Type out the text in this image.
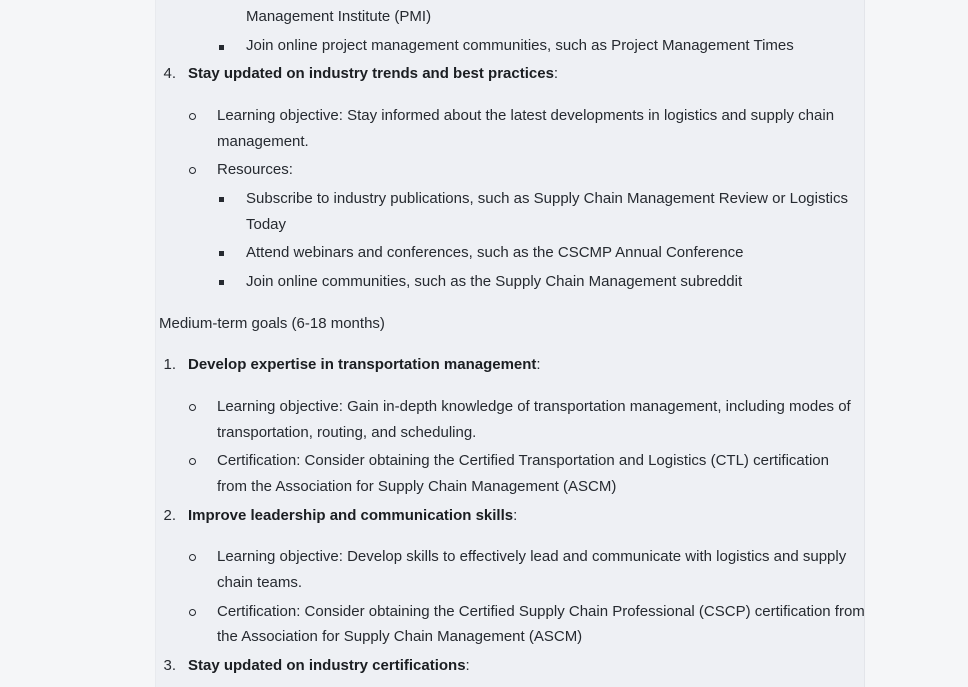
Management Institute (PMI)
Join online project management communities, such as Project Management Times
4. Stay updated on industry trends and best practices:
Learning objective: Stay informed about the latest developments in logistics and supply chain
management.
Resources:
Subscribe to industry publications, such as Supply Chain Management Review or Logistics
Today
Attend webinars and conferences, such as the CSCMP Annual Conference
Join online communities, such as the Supply Chain Management subreddit
Medium-term goals (6-18 months)
1. Develop expertise in transportation management:
Learning objective: Gain in-depth knowledge of transportation management, including modes of
transportation, routing, and scheduling.
Certification: Consider obtaining the Certified Transportation and Logistics (CTL) certification
from the Association for Supply Chain Management (ASCM)
2. Improve leadership and communication skills:
Learning objective: Develop skills to effectively lead and communicate with logistics and supply
chain teams.
Certification: Consider obtaining the Certified Supply Chain Professional (CSCP) certification from
the Association for Supply Chain Management (ASCM)
3. Stay updated on industry certifications:
